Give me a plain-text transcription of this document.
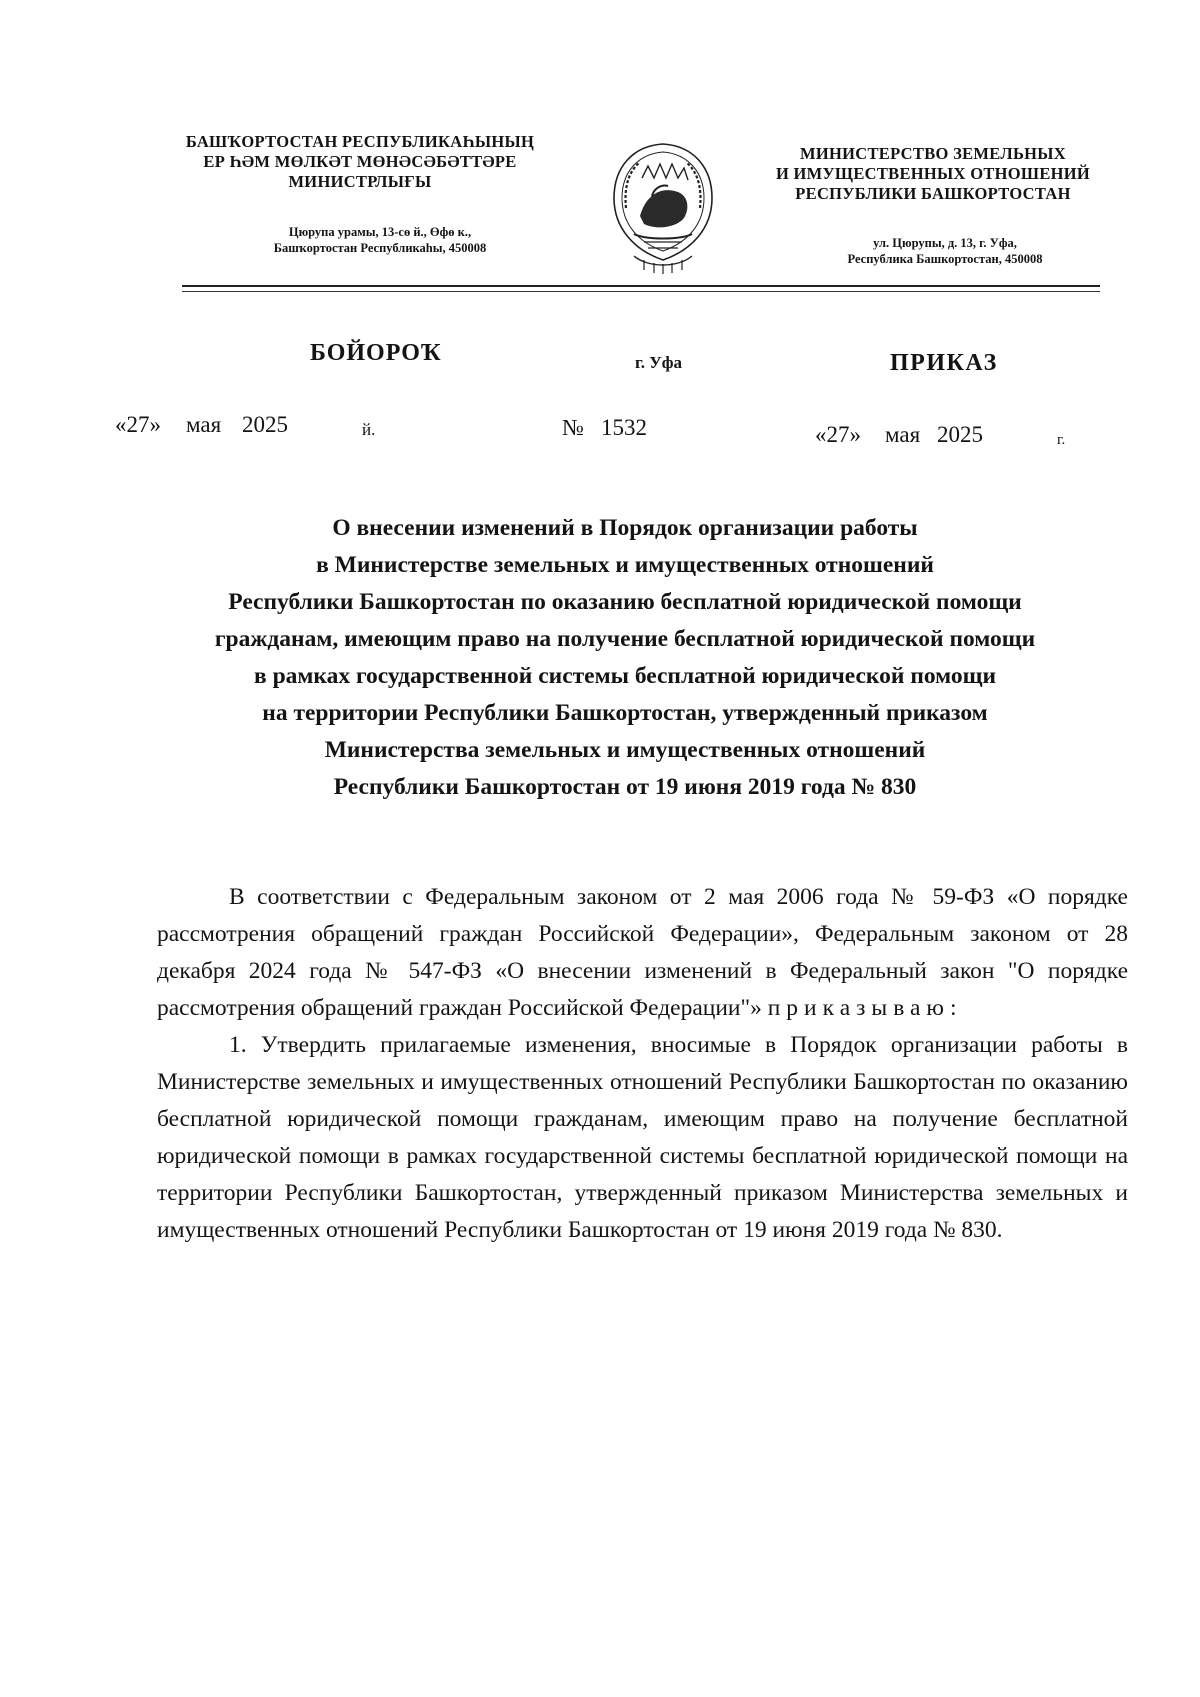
БАШҠОРТОСТАН РЕСПУБЛИКАҺЫНЫҢ
ЕР ҺӘМ МӨЛКӘТ МӨНӘСӘБӘТТӘРЕ
МИНИСТРЛЫҒЫ
Цюрупа урамы, 13-сө й., Өфө к.,
Башҡортостан Республикаһы, 450008
МИНИСТЕРСТВО ЗЕМЕЛЬНЫХ
И ИМУЩЕСТВЕННЫХ ОТНОШЕНИЙ
РЕСПУБЛИКИ БАШКОРТОСТАН
ул. Цюрупы, д. 13, г. Уфа,
Республика Башкортостан, 450008
БОЙОРОҠ	г. Уфа	ПРИКАЗ
«27» мая 2025	й.	№ 1532	«27» мая 2025	г.
О внесении изменений в Порядок организации работы
в Министерстве земельных и имущественных отношений
Республики Башкортостан по оказанию бесплатной юридической помощи
гражданам, имеющим право на получение бесплатной юридической помощи
в рамках государственной системы бесплатной юридической помощи
на территории Республики Башкортостан, утвержденный приказом
Министерства земельных и имущественных отношений
Республики Башкортостан от 19 июня 2019 года № 830

В соответствии с Федеральным законом от 2 мая 2006 года № 59-ФЗ «О порядке рассмотрения обращений граждан Российской Федерации», Федеральным законом от 28 декабря 2024 года № 547-ФЗ «О внесении изменений в Федеральный закон "О порядке рассмотрения обращений граждан Российской Федерации"» приказываю:

1. Утвердить прилагаемые изменения, вносимые в Порядок организации работы в Министерстве земельных и имущественных отношений Республики Башкортостан по оказанию бесплатной юридической помощи гражданам, имеющим право на получение бесплатной юридической помощи в рамках государственной системы бесплатной юридической помощи на территории Республики Башкортостан, утвержденный приказом Министерства земельных и имущественных отношений Республики Башкортостан от 19 июня 2019 года № 830.
